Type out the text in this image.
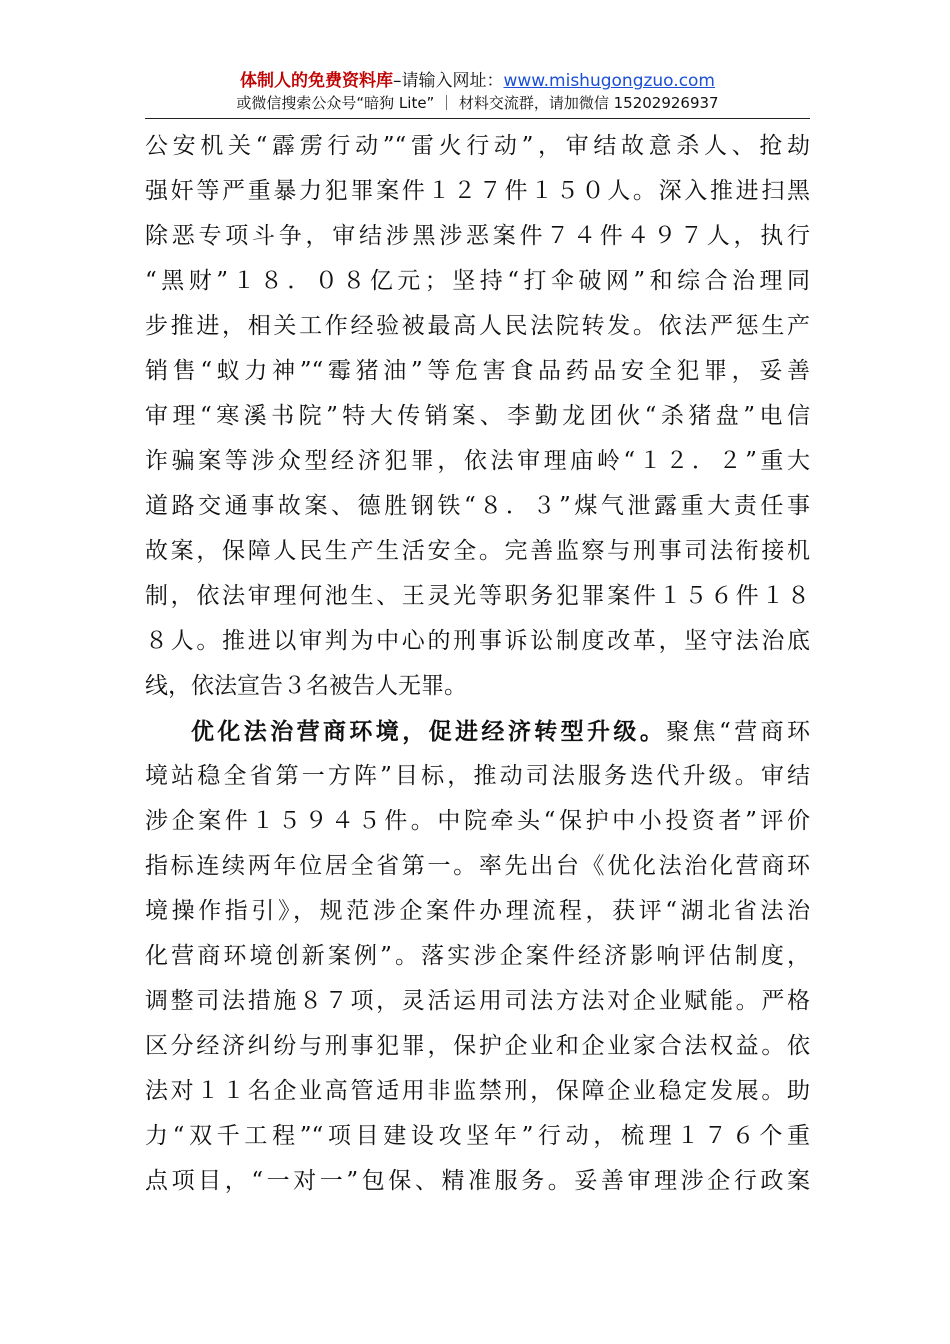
体制人的免费资料库–请输入网址：www.mishugongzuo.com
或微信搜索公众号“暗狗 Lite” ｜ 材料交流群，请加微信 15202926937
公安机关“霹雳行动”“雷火行动”，审结故意杀人、抢劫
强奸等严重暴力犯罪案件１２７件１５０人。深入推进扫黑
除恶专项斗争，审结涉黑涉恶案件７４件４９７人，执行
“黑财”１８．０８亿元；坚持“打伞破网”和综合治理同
步推进，相关工作经验被最高人民法院转发。依法严惩生产
销售“蚁力神”“霉猪油”等危害食品药品安全犯罪，妥善
审理“寒溪书院”特大传销案、李勤龙团伙“杀猪盘”电信
诈骗案等涉众型经济犯罪，依法审理庙岭“１２．２”重大
道路交通事故案、德胜钢铁“８．３”煤气泄露重大责任事
故案，保障人民生产生活安全。完善监察与刑事司法衔接机
制，依法审理何池生、王灵光等职务犯罪案件１５６件１８
８人。推进以审判为中心的刑事诉讼制度改革，坚守法治底
线，依法宣告３名被告人无罪。
优化法治营商环境，促进经济转型升级。聚焦“营商环
境站稳全省第一方阵”目标，推动司法服务迭代升级。审结
涉企案件１５９４５件。中院牵头“保护中小投资者”评价
指标连续两年位居全省第一。率先出台《优化法治化营商环
境操作指引》，规范涉企案件办理流程，获评“湖北省法治
化营商环境创新案例”。落实涉企案件经济影响评估制度，
调整司法措施８７项，灵活运用司法方法对企业赋能。严格
区分经济纠纷与刑事犯罪，保护企业和企业家合法权益。依
法对１１名企业高管适用非监禁刑，保障企业稳定发展。助
力“双千工程”“项目建设攻坚年”行动，梳理１７６个重
点项目，“一对一”包保、精准服务。妥善审理涉企行政案
